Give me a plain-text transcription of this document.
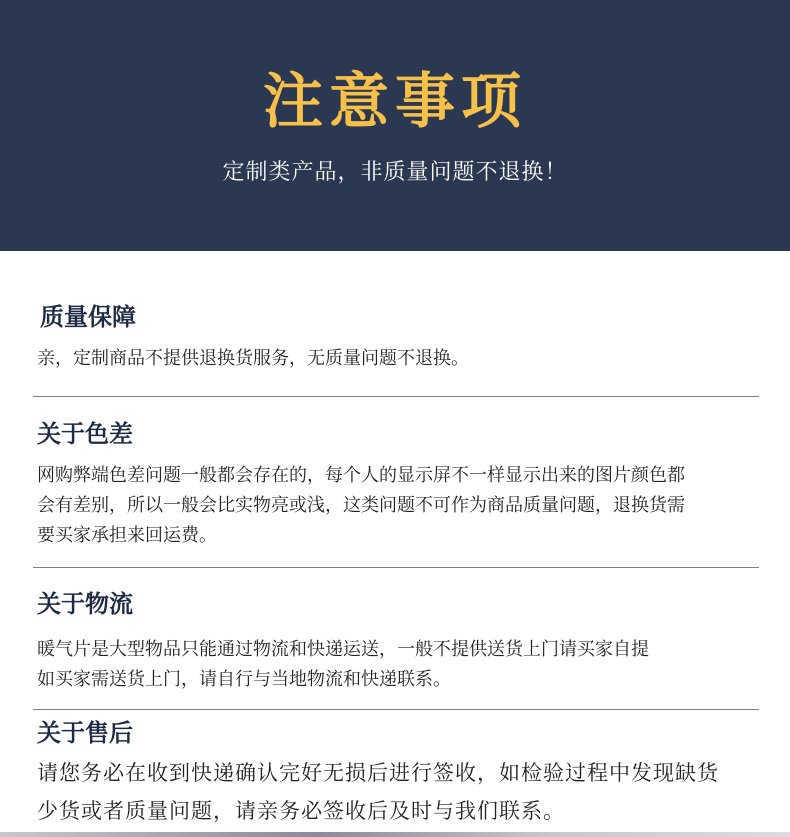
注意事项
定制类产品，非质量问题不退换！
质量保障

亲，定制商品不提供退换货服务，无质量问题不退换。

关于色差

网购弊端色差问题一般都会存在的，每个人的显示屏不一样显示出来的图片颜色都
会有差别，所以一般会比实物亮或浅，这类问题不可作为商品质量问题，退换货需
要买家承担来回运费。

关于物流

暖气片是大型物品只能通过物流和快递运送，一般不提供送货上门请买家自提
如买家需送货上门，请自行与当地物流和快递联系。

关于售后

请您务必在收到快递确认完好无损后进行签收，如检验过程中发现缺货
少货或者质量问题，请亲务必签收后及时与我们联系。
